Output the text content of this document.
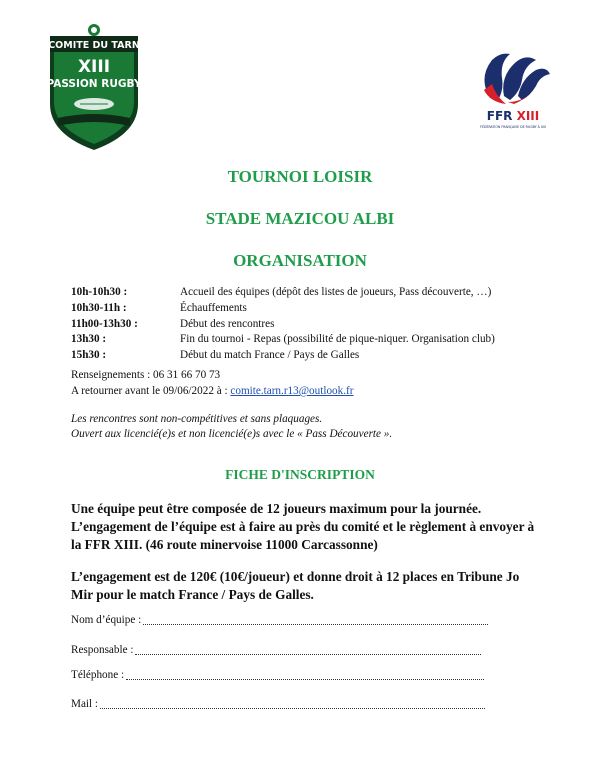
COMITE DU TARN
XIII
PASSION RUGBY
FFR XIII
FÉDÉRATION FRANÇAISE DE RUGBY À XIII
TOURNOI LOISIR
STADE MAZICOU ALBI
ORGANISATION
10h-10h30 :	Accueil des équipes (dépôt des listes de joueurs, Pass découverte, …)
10h30-11h :	Échauffements
11h00-13h30 :	Début des rencontres
13h30 :	Fin du tournoi - Repas (possibilité de pique-niquer. Organisation club)
15h30 :	Début du match France / Pays de Galles
Renseignements : 06 31 66 70 73
A retourner avant le 09/06/2022 à : comite.tarn.r13@outlook.fr
Les rencontres sont non-compétitives et sans plaquages.
Ouvert aux licencié(e)s et non licencié(e)s avec le « Pass Découverte ».
FICHE D'INSCRIPTION
Une équipe peut être composée de 12 joueurs maximum pour la journée. L’engagement de l’équipe est à faire au près du comité et le règlement à envoyer à la FFR XIII. (46 route minervoise 11000 Carcassonne)
L’engagement est de 120€ (10€/joueur) et donne droit à 12 places en Tribune Jo Mir pour le match France / Pays de Galles.
Nom d’équipe :
Responsable :
Téléphone :
Mail :
